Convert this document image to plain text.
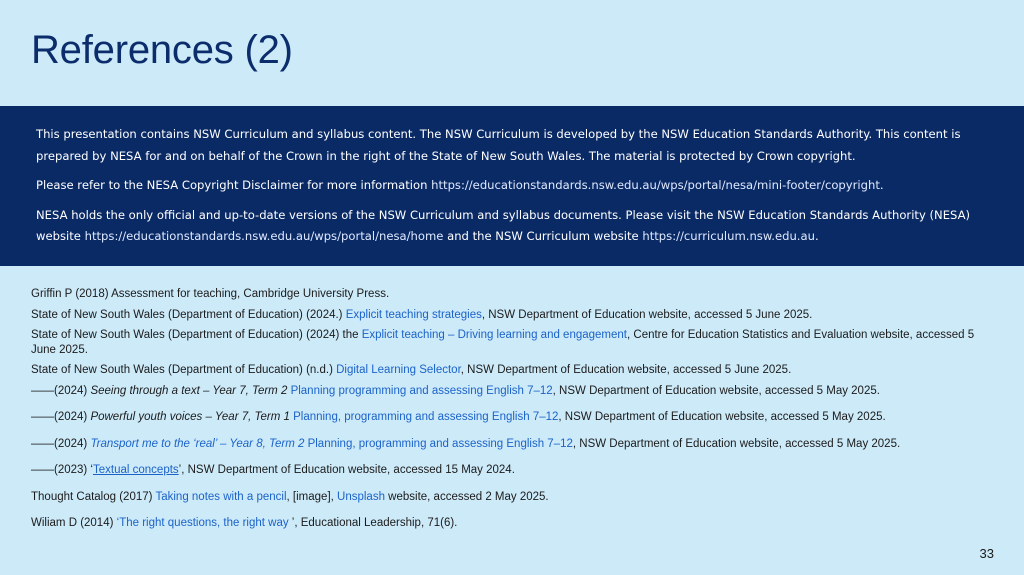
References (2)

This presentation contains NSW Curriculum and syllabus content. The NSW Curriculum is developed by the NSW Education Standards Authority. This content is prepared by NESA for and on behalf of the Crown in the right of the State of New South Wales. The material is protected by Crown copyright.

Please refer to the NESA Copyright Disclaimer for more information https://educationstandards.nsw.edu.au/wps/portal/nesa/mini-footer/copyright.

NESA holds the only official and up-to-date versions of the NSW Curriculum and syllabus documents. Please visit the NSW Education Standards Authority (NESA) website https://educationstandards.nsw.edu.au/wps/portal/nesa/home and the NSW Curriculum website https://curriculum.nsw.edu.au.

Griffin P (2018) Assessment for teaching, Cambridge University Press.

State of New South Wales (Department of Education) (2024.) Explicit teaching strategies, NSW Department of Education website, accessed 5 June 2025.

State of New South Wales (Department of Education) (2024) the Explicit teaching – Driving learning and engagement, Centre for Education Statistics and Evaluation website, accessed 5 June 2025.

State of New South Wales (Department of Education) (n.d.) Digital Learning Selector, NSW Department of Education website, accessed 5 June 2025.

——(2024) Seeing through a text – Year 7, Term 2 Planning programming and assessing English 7–12, NSW Department of Education website, accessed 5 May 2025.

——(2024) Powerful youth voices – Year 7, Term 1 Planning, programming and assessing English 7–12, NSW Department of Education website, accessed 5 May 2025.

——(2024) Transport me to the ‘real’ – Year 8, Term 2 Planning, programming and assessing English 7–12, NSW Department of Education website, accessed 5 May 2025.

——(2023) ‘Textual concepts’, NSW Department of Education website, accessed 15 May 2024.

Thought Catalog (2017) Taking notes with a pencil, [image], Unsplash website, accessed 2 May 2025.

Wiliam D (2014) ‘The right questions, the right way ’, Educational Leadership, 71(6).

33
